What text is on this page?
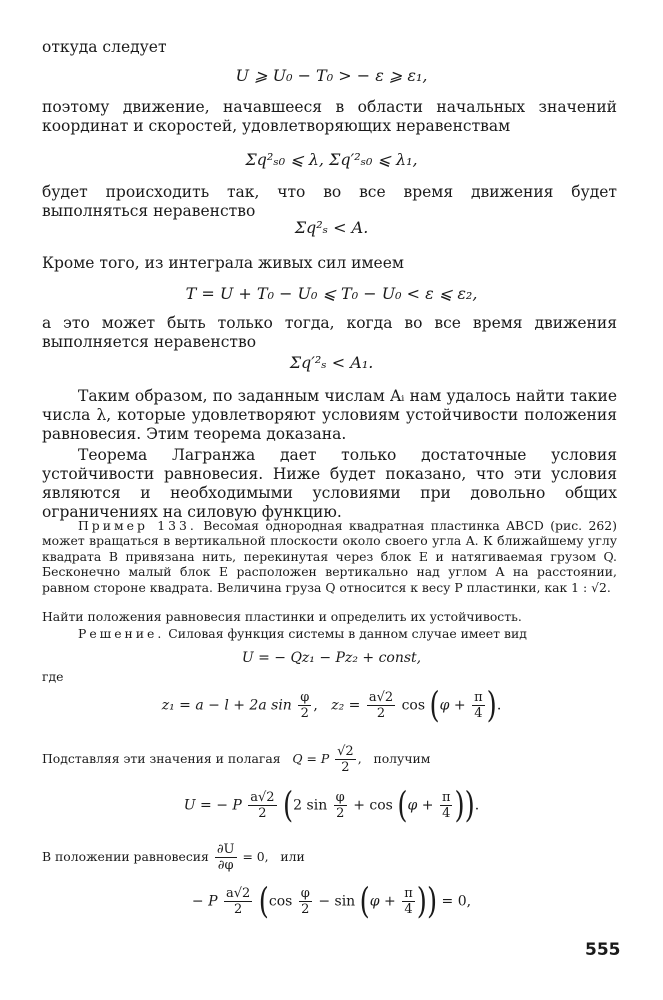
откуда следует
U ⩾ U₀ − T₀ > − ε ⩾ ε₁,
поэтому движение, начавшееся в области начальных значений координат и скоростей, удовлетворяющих неравенствам
Σq²ₛ₀ ⩽ λ, Σq′²ₛ₀ ⩽ λ₁,
будет происходить так, что во все время движения будет выполняться неравенство
Σq²ₛ < A.
Кроме того, из интеграла живых сил имеем
T = U + T₀ − U₀ ⩽ T₀ − U₀ < ε ⩽ ε₂,
а это может быть только тогда, когда во все время движения выполняется неравенство
Σq′²ₛ < A₁.
Таким образом, по заданным числам Aᵢ нам удалось найти такие числа λ, которые удовлетворяют условиям устойчивости положения равновесия. Этим теорема доказана.
Теорема Лагранжа дает только достаточные условия устойчивости равновесия. Ниже будет показано, что эти условия являются и необходимыми условиями при довольно общих ограничениях на силовую функцию.
Пример 133. Весомая однородная квадратная пластинка ABCD (рис. 262) может вращаться в вертикальной плоскости около своего угла A. К ближайшему углу квадрата B привязана нить, перекинутая через блок E и натягиваемая грузом Q. Бесконечно малый блок E расположен вертикально над углом A на расстоянии, равном стороне квадрата. Величина груза Q относится к весу P пластинки, как 1 : √2.
Найти положения равновесия пластинки и определить их устойчивость.
Решение. Силовая функция системы в данном случае имеет вид
U = − Qz₁ − Pz₂ + const,
где
z₁ = a − l + 2a $\sin \frac{\varphi}{2}$ ,   $z_2 = \frac{a√2}{2}$ $\cos (\varphi + \frac{\pi}{4}$ ).
Подставляя эти значения и полагая Q = P $\frac{√2}{2}$ ,   получим
U = − P $\frac{a√2}{2} (2$ $\sin \frac{\varphi}{2} + \cos (\varphi + \frac{\pi}{4}$ )).
В положении равновесия $\frac{\partial U}{\partial\varphi} = 0$,   или
− P $\frac{a√2}{2} (\cos \frac{\varphi}{2} - \sin (\varphi + \frac{\pi}{4}$ )) = 0,
555
